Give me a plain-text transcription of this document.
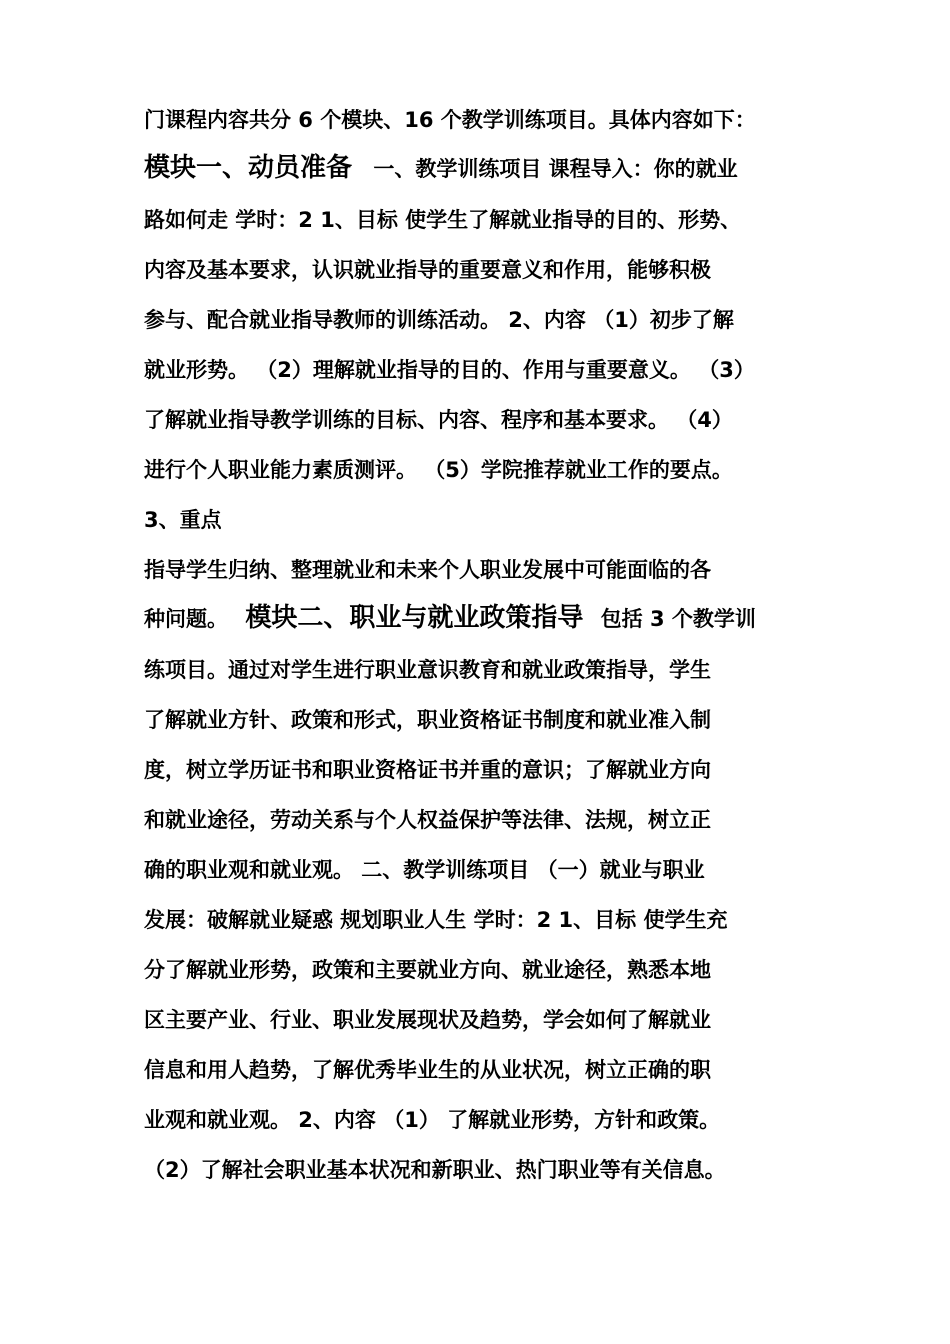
门课程内容共分 6 个模块、16 个教学训练项目。具体内容如下：
模块一、动员准备 一、教学训练项目 课程导入：你的就业
路如何走 学时：2 1、目标 使学生了解就业指导的目的、形势、
内容及基本要求，认识就业指导的重要意义和作用，能够积极
参与、配合就业指导教师的训练活动。 2、内容 （1）初步了解
就业形势。 （2）理解就业指导的目的、作用与重要意义。 （3）
了解就业指导教学训练的目标、内容、程序和基本要求。 （4）
进行个人职业能力素质测评。 （5）学院推荐就业工作的要点。
3、重点
指导学生归纳、整理就业和未来个人职业发展中可能面临的各
种问题。 模块二、职业与就业政策指导 包括 3 个教学训
练项目。通过对学生进行职业意识教育和就业政策指导，学生
了解就业方针、政策和形式，职业资格证书制度和就业准入制
度，树立学历证书和职业资格证书并重的意识；了解就业方向
和就业途径，劳动关系与个人权益保护等法律、法规，树立正
确的职业观和就业观。 二、教学训练项目 （一）就业与职业
发展：破解就业疑惑 规划职业人生 学时：2 1、目标 使学生充
分了解就业形势，政策和主要就业方向、就业途径，熟悉本地
区主要产业、行业、职业发展现状及趋势，学会如何了解就业
信息和用人趋势，了解优秀毕业生的从业状况，树立正确的职
业观和就业观。 2、内容 （1） 了解就业形势，方针和政策。
（2）了解社会职业基本状况和新职业、热门职业等有关信息。
